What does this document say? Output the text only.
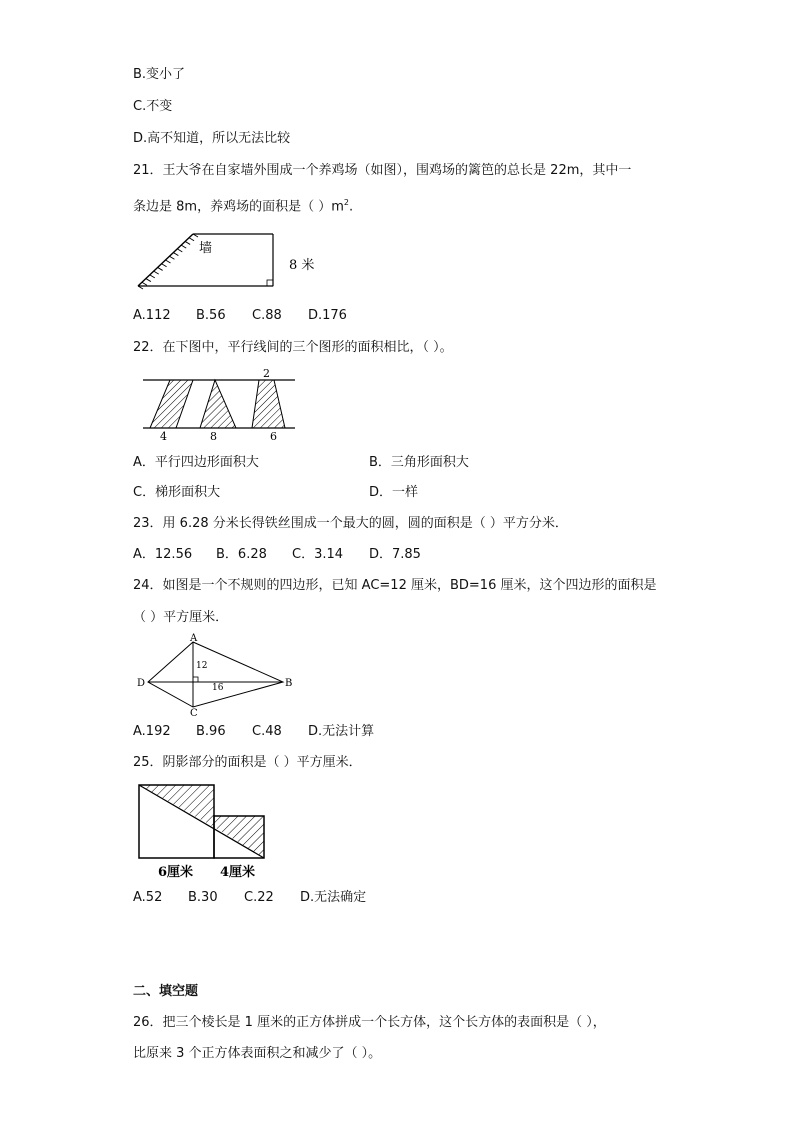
B.变小了
C.不变
D.高不知道，所以无法比较
21．王大爷在自家墙外围成一个养鸡场（如图），围鸡场的篱笆的总长是 22m，其中一
条边是 8m，养鸡场的面积是（ ）$m^2$.
墙
8 米
A.112 B.56 C.88 D.176
22．在下图中，平行线间的三个图形的面积相比，（ ）。
2
4	8	6
A．平行四边形面积大	B．三角形面积大
C．梯形面积大	D．一样
23．用 6.28 分米长得铁丝围成一个最大的圆，圆的面积是（ ）平方分米．
A．12.56 B．6.28 C．3.14 D．7.85
24．如图是一个不规则的四边形，已知 AC=12 厘米，BD=16 厘米，这个四边形的面积是
（ ）平方厘米．
A
B
C
D
12
16
A.192 B.96 C.48 D.无法计算
25．阴影部分的面积是（ ）平方厘米．
6厘米 4厘米
A.52 B.30 C.22 D.无法确定
二、填空题
26．把三个棱长是 1 厘米的正方体拼成一个长方体，这个长方体的表面积是（ ），
比原来 3 个正方体表面积之和减少了（ ）。
